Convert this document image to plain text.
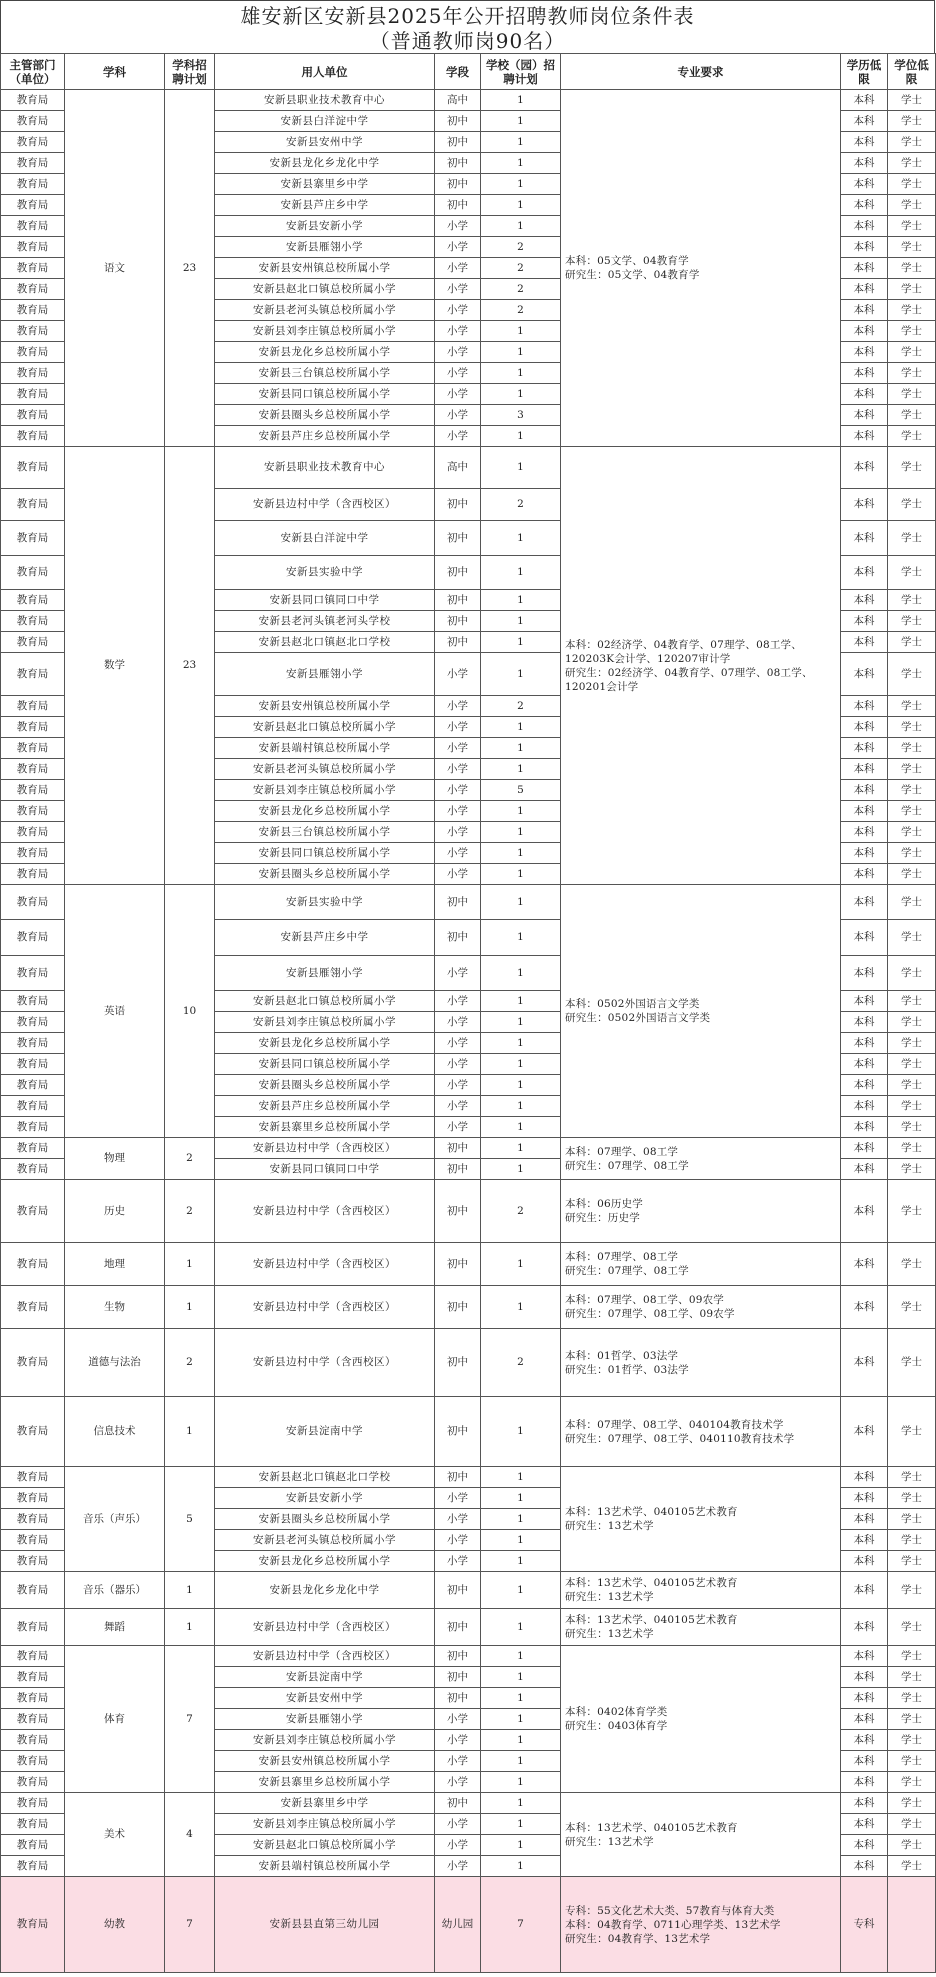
雄安新区安新县2025年公开招聘教师岗位条件表
（普通教师岗90名）
主管部门（单位）	学科	学科招聘计划	用人单位	学段	学校（园）招聘计划	专业要求	学历低限	学位低限
教育局	语文	23	安新县职业技术教育中心	高中	1	本科：05文学、04教育学
研究生：05文学、04教育学	本科	学士
教育局			安新县白洋淀中学	初中	1		本科	学士
教育局			安新县安州中学	初中	1		本科	学士
教育局			安新县龙化乡龙化中学	初中	1		本科	学士
教育局			安新县寨里乡中学	初中	1		本科	学士
教育局			安新县芦庄乡中学	初中	1		本科	学士
教育局			安新县安新小学	小学	1		本科	学士
教育局			安新县雁翎小学	小学	2		本科	学士
教育局			安新县安州镇总校所属小学	小学	2		本科	学士
教育局			安新县赵北口镇总校所属小学	小学	2		本科	学士
教育局			安新县老河头镇总校所属小学	小学	2		本科	学士
教育局			安新县刘李庄镇总校所属小学	小学	1		本科	学士
教育局			安新县龙化乡总校所属小学	小学	1		本科	学士
教育局			安新县三台镇总校所属小学	小学	1		本科	学士
教育局			安新县同口镇总校所属小学	小学	1		本科	学士
教育局			安新县圈头乡总校所属小学	小学	3		本科	学士
教育局			安新县芦庄乡总校所属小学	小学	1		本科	学士
教育局	数学	23	安新县职业技术教育中心	高中	1	本科：02经济学、04教育学、07理学、08工学、120203K会计学、120207审计学
研究生：02经济学、04教育学、07理学、08工学、120201会计学	本科	学士
教育局			安新县边村中学（含西校区）	初中	2		本科	学士
教育局			安新县白洋淀中学	初中	1		本科	学士
教育局			安新县实验中学	初中	1		本科	学士
教育局			安新县同口镇同口中学	初中	1		本科	学士
教育局			安新县老河头镇老河头学校	初中	1		本科	学士
教育局			安新县赵北口镇赵北口学校	初中	1		本科	学士
教育局			安新县雁翎小学	小学	1		本科	学士
教育局			安新县安州镇总校所属小学	小学	2		本科	学士
教育局			安新县赵北口镇总校所属小学	小学	1		本科	学士
教育局			安新县端村镇总校所属小学	小学	1		本科	学士
教育局			安新县老河头镇总校所属小学	小学	1		本科	学士
教育局			安新县刘李庄镇总校所属小学	小学	5		本科	学士
教育局			安新县龙化乡总校所属小学	小学	1		本科	学士
教育局			安新县三台镇总校所属小学	小学	1		本科	学士
教育局			安新县同口镇总校所属小学	小学	1		本科	学士
教育局			安新县圈头乡总校所属小学	小学	1		本科	学士
教育局	英语	10	安新县实验中学	初中	1	本科：0502外国语言文学类
研究生：0502外国语言文学类	本科	学士
教育局			安新县芦庄乡中学	初中	1		本科	学士
教育局			安新县雁翎小学	小学	1		本科	学士
教育局			安新县赵北口镇总校所属小学	小学	1		本科	学士
教育局			安新县刘李庄镇总校所属小学	小学	1		本科	学士
教育局			安新县龙化乡总校所属小学	小学	1		本科	学士
教育局			安新县同口镇总校所属小学	小学	1		本科	学士
教育局			安新县圈头乡总校所属小学	小学	1		本科	学士
教育局			安新县芦庄乡总校所属小学	小学	1		本科	学士
教育局			安新县寨里乡总校所属小学	小学	1		本科	学士
教育局	物理	2	安新县边村中学（含西校区）	初中	1	本科：07理学、08工学
研究生：07理学、08工学	本科	学士
教育局			安新县同口镇同口中学	初中	1		本科	学士
教育局	历史	2	安新县边村中学（含西校区）	初中	2	本科：06历史学
研究生：历史学	本科	学士
教育局	地理	1	安新县边村中学（含西校区）	初中	1	本科：07理学、08工学
研究生：07理学、08工学	本科	学士
教育局	生物	1	安新县边村中学（含西校区）	初中	1	本科：07理学、08工学、09农学
研究生：07理学、08工学、09农学	本科	学士
教育局	道德与法治	2	安新县边村中学（含西校区）	初中	2	本科：01哲学、03法学
研究生：01哲学、03法学	本科	学士
教育局	信息技术	1	安新县淀南中学	初中	1	本科：07理学、08工学、040104教育技术学
研究生：07理学、08工学、040110教育技术学	本科	学士
教育局	音乐（声乐）	5	安新县赵北口镇赵北口学校	初中	1	本科：13艺术学、040105艺术教育
研究生：13艺术学	本科	学士
教育局			安新县安新小学	小学	1		本科	学士
教育局			安新县圈头乡总校所属小学	小学	1		本科	学士
教育局			安新县老河头镇总校所属小学	小学	1		本科	学士
教育局			安新县龙化乡总校所属小学	小学	1		本科	学士
教育局	音乐（器乐）	1	安新县龙化乡龙化中学	初中	1	本科：13艺术学、040105艺术教育
研究生：13艺术学	本科	学士
教育局	舞蹈	1	安新县边村中学（含西校区）	初中	1	本科：13艺术学、040105艺术教育
研究生：13艺术学	本科	学士
教育局	体育	7	安新县边村中学（含西校区）	初中	1	本科：0402体育学类
研究生：0403体育学	本科	学士
教育局			安新县淀南中学	初中	1		本科	学士
教育局			安新县安州中学	初中	1		本科	学士
教育局			安新县雁翎小学	小学	1		本科	学士
教育局			安新县刘李庄镇总校所属小学	小学	1		本科	学士
教育局			安新县安州镇总校所属小学	小学	1		本科	学士
教育局			安新县寨里乡总校所属小学	小学	1		本科	学士
教育局	美术	4	安新县寨里乡中学	初中	1	本科：13艺术学、040105艺术教育
研究生：13艺术学	本科	学士
教育局			安新县刘李庄镇总校所属小学	小学	1		本科	学士
教育局			安新县赵北口镇总校所属小学	小学	1		本科	学士
教育局			安新县端村镇总校所属小学	小学	1		本科	学士
教育局	幼教	7	安新县县直第三幼儿园	幼儿园	7	专科：55文化艺术大类、57教育与体育大类
本科：04教育学、0711心理学类、13艺术学
研究生：04教育学、13艺术学	专科	
